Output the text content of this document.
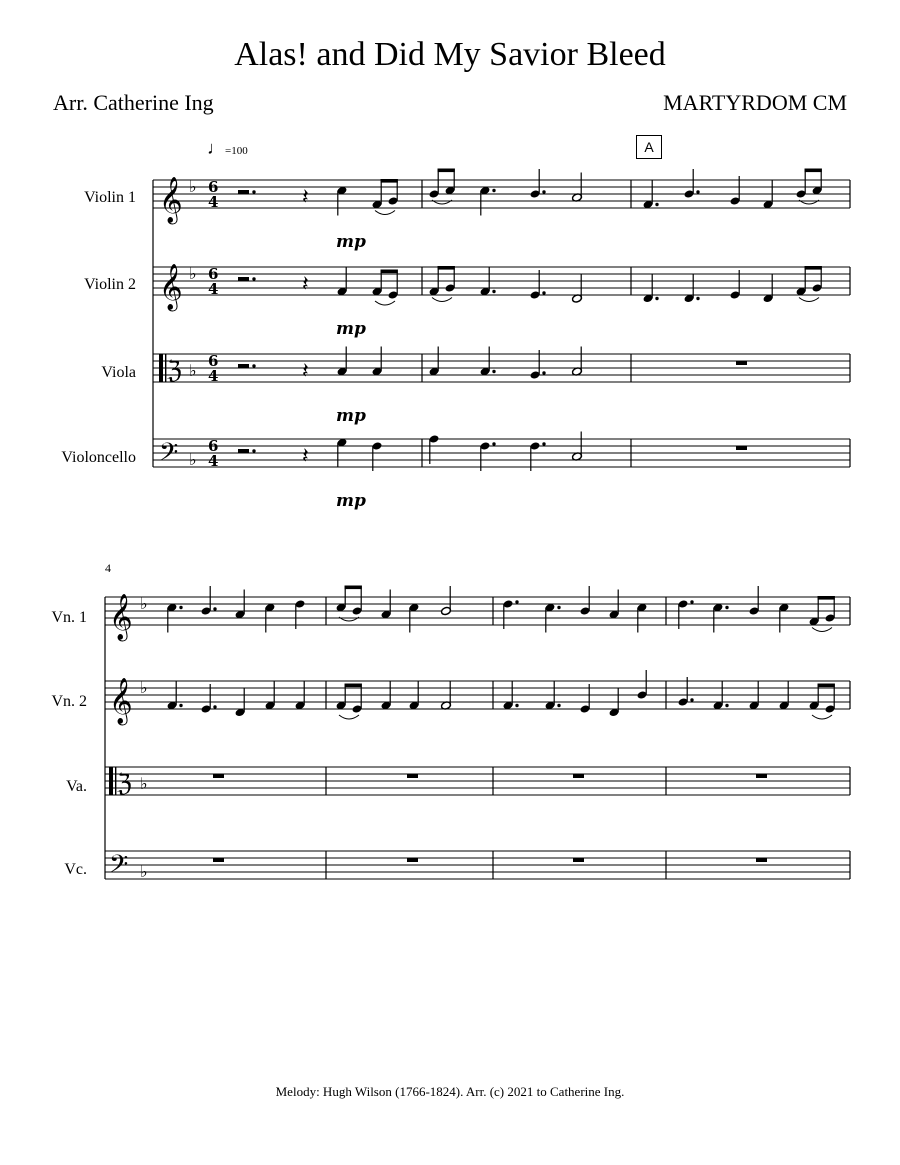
Alas! and Did My Savior Bleed
Arr. Catherine Ing	MARTYRDOM CM
♩=100	A
Violin 1
Violin 2
Viola
Violoncello
4
Vn. 1
Vn. 2
Va.
Vc.
𝄞 ♭ 6
4	𝄽
mp
𝄞 ♭ 6
4	𝄽
mp
ℨ ♭ 6
4	𝄽
mp
𝄢 ♭
6
4	𝄽
mp
𝄞 ♭
𝄞 ♭
ℨ ♭
𝄢 ♭
Melody: Hugh Wilson (1766-1824). Arr. (c) 2021 to Catherine Ing.
